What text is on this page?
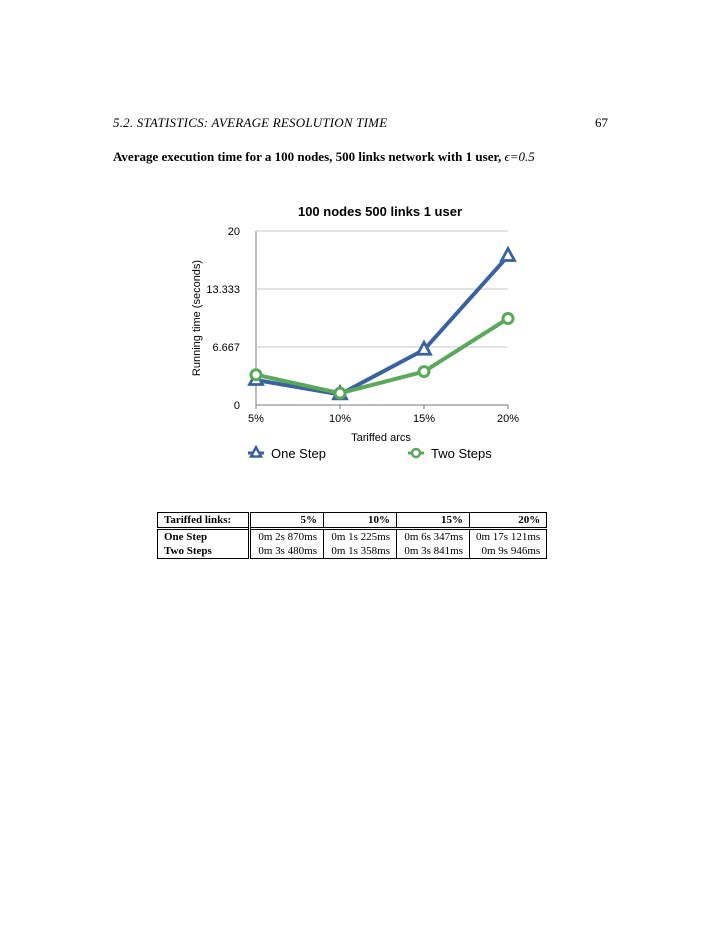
5.2. STATISTICS: AVERAGE RESOLUTION TIME	67
Average execution time for a 100 nodes, 500 links network with 1 user, ϵ=0.5
100 nodes 500 links 1 user
0
6.667
13.333
20
5%	10%	15%	20%
Running time (seconds)
Tariffed arcs
One Step	Two Steps
Tariffed links:	5%	10%	15%	20%
One Step	0m 2s 870ms	0m 1s 225ms	0m 6s 347ms	0m 17s 121ms
Two Steps	0m 3s 480ms	0m 1s 358ms	0m 3s 841ms	0m 9s 946ms
